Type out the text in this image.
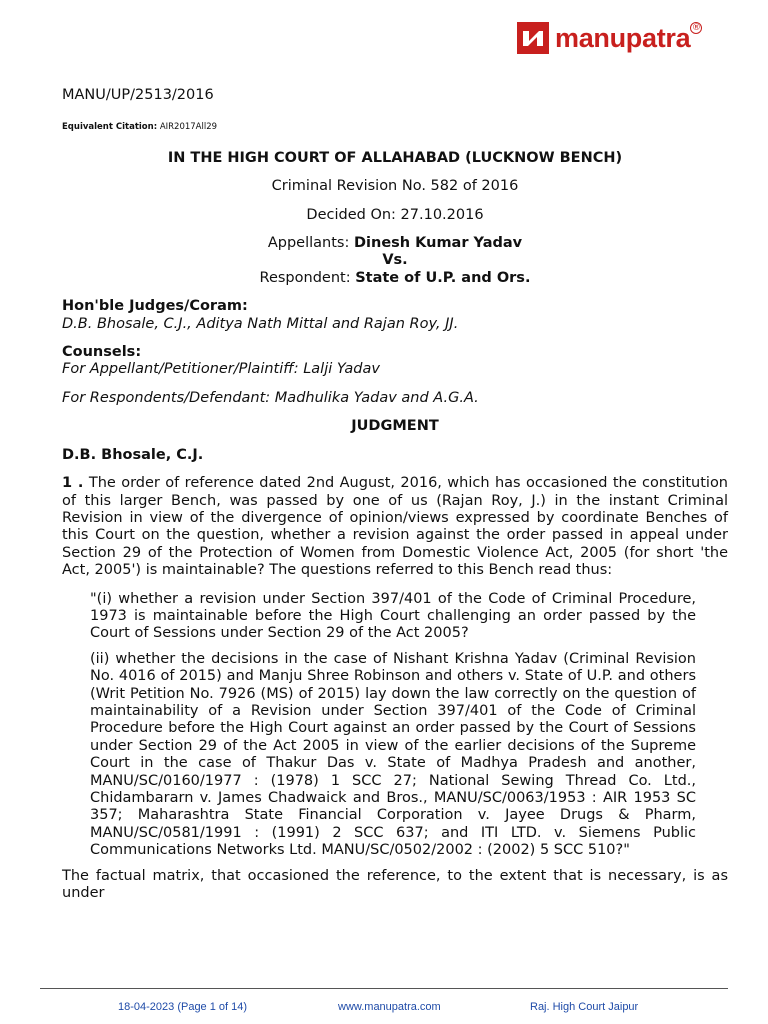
manupatra ®
MANU/UP/2513/2016
Equivalent Citation: AIR2017All29
IN THE HIGH COURT OF ALLAHABAD (LUCKNOW BENCH)
Criminal Revision No. 582 of 2016
Decided On: 27.10.2016
Appellants: Dinesh Kumar Yadav
Vs.
Respondent: State of U.P. and Ors.
Hon'ble Judges/Coram:
D.B. Bhosale, C.J., Aditya Nath Mittal and Rajan Roy, JJ.
Counsels:
For Appellant/Petitioner/Plaintiff: Lalji Yadav
For Respondents/Defendant: Madhulika Yadav and A.G.A.
JUDGMENT
D.B. Bhosale, C.J.
1 . The order of reference dated 2nd August, 2016, which has occasioned the constitution of this larger Bench, was passed by one of us (Rajan Roy, J.) in the instant Criminal Revision in view of the divergence of opinion/views expressed by coordinate Benches of this Court on the question, whether a revision against the order passed in appeal under Section 29 of the Protection of Women from Domestic Violence Act, 2005 (for short 'the Act, 2005') is maintainable? The questions referred to this Bench read thus:
"(i) whether a revision under Section 397/401 of the Code of Criminal Procedure, 1973 is maintainable before the High Court challenging an order passed by the Court of Sessions under Section 29 of the Act 2005?
(ii) whether the decisions in the case of Nishant Krishna Yadav (Criminal Revision No. 4016 of 2015) and Manju Shree Robinson and others v. State of U.P. and others (Writ Petition No. 7926 (MS) of 2015) lay down the law correctly on the question of maintainability of a Revision under Section 397/401 of the Code of Criminal Procedure before the High Court against an order passed by the Court of Sessions under Section 29 of the Act 2005 in view of the earlier decisions of the Supreme Court in the case of Thakur Das v. State of Madhya Pradesh and another, MANU/SC/0160/1977 : (1978) 1 SCC 27; National Sewing Thread Co. Ltd., Chidambararn v. James Chadwaick and Bros., MANU/SC/0063/1953 : AIR 1953 SC 357; Maharashtra State Financial Corporation v. Jayee Drugs & Pharm, MANU/SC/0581/1991 : (1991) 2 SCC 637; and ITI LTD. v. Siemens Public Communications Networks Ltd. MANU/SC/0502/2002 : (2002) 5 SCC 510?"
The factual matrix, that occasioned the reference, to the extent that is necessary, is as under
18-04-2023 (Page 1 of 14)	www.manupatra.com	Raj. High Court Jaipur
